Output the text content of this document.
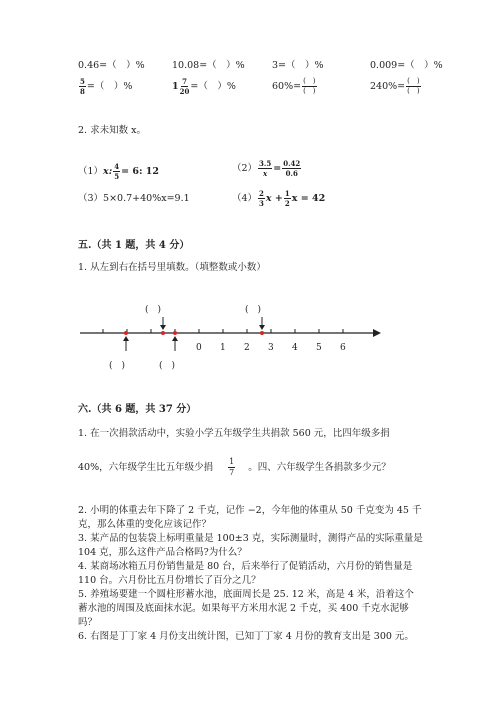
0.46=（　）%	10.08=（　）%	3=（　）%	0.009=（　）%
$\frac{5}{8}$ =（　）%	$1 \frac{7}{20}$ =（　）%	$60\%= \frac{( )}{( )}$	$240\%= \frac{( )}{( )}$
2. 求未知数 x。
（1）x: $\frac{4}{5} = 6$: 12	$(2) \frac{3.5}{x} = \frac{0.42}{0.6}$
（3）5×0.7+40%x=9.1	$(4) \frac{2}{3}$ $x + \frac{1}{2}$ x = 42
五.（共 1 题，共 4 分）
1. 从左到右在括号里填数。（填整数或小数）
0 1 2 3 4 5 6
(　)	(　)
(　)	(　)
六.（共 6 题，共 37 分）
1. 在一次捐款活动中，实验小学五年级学生共捐款 560 元，比四年级多捐
40%，六年级学生比五年级少捐 $\frac{1}{7}$ 。四、六年级学生各捐款多少元？
2. 小明的体重去年下降了 2 千克，记作 −2，今年他的体重从 50 千克变为 45 千
克，那么体重的变化应该记作？
3. 某产品的包装袋上标明重量是 100±3 克，实际测量时，测得产品的实际重量是
104 克，那么这件产品合格吗?为什么？
4. 某商场冰箱五月份销售量是 80 台，后来举行了促销活动，六月份的销售量是
110 台。六月份比五月份增长了百分之几？
5. 养殖场要建一个圆柱形蓄水池，底面周长是 25. 12 米，高是 4 米，沿着这个
蓄水池的周围及底面抹水泥。如果每平方米用水泥 2 千克，买 400 千克水泥够
吗？
6. 右图是丁丁家 4 月份支出统计图，已知丁丁家 4 月份的教育支出是 300 元。
